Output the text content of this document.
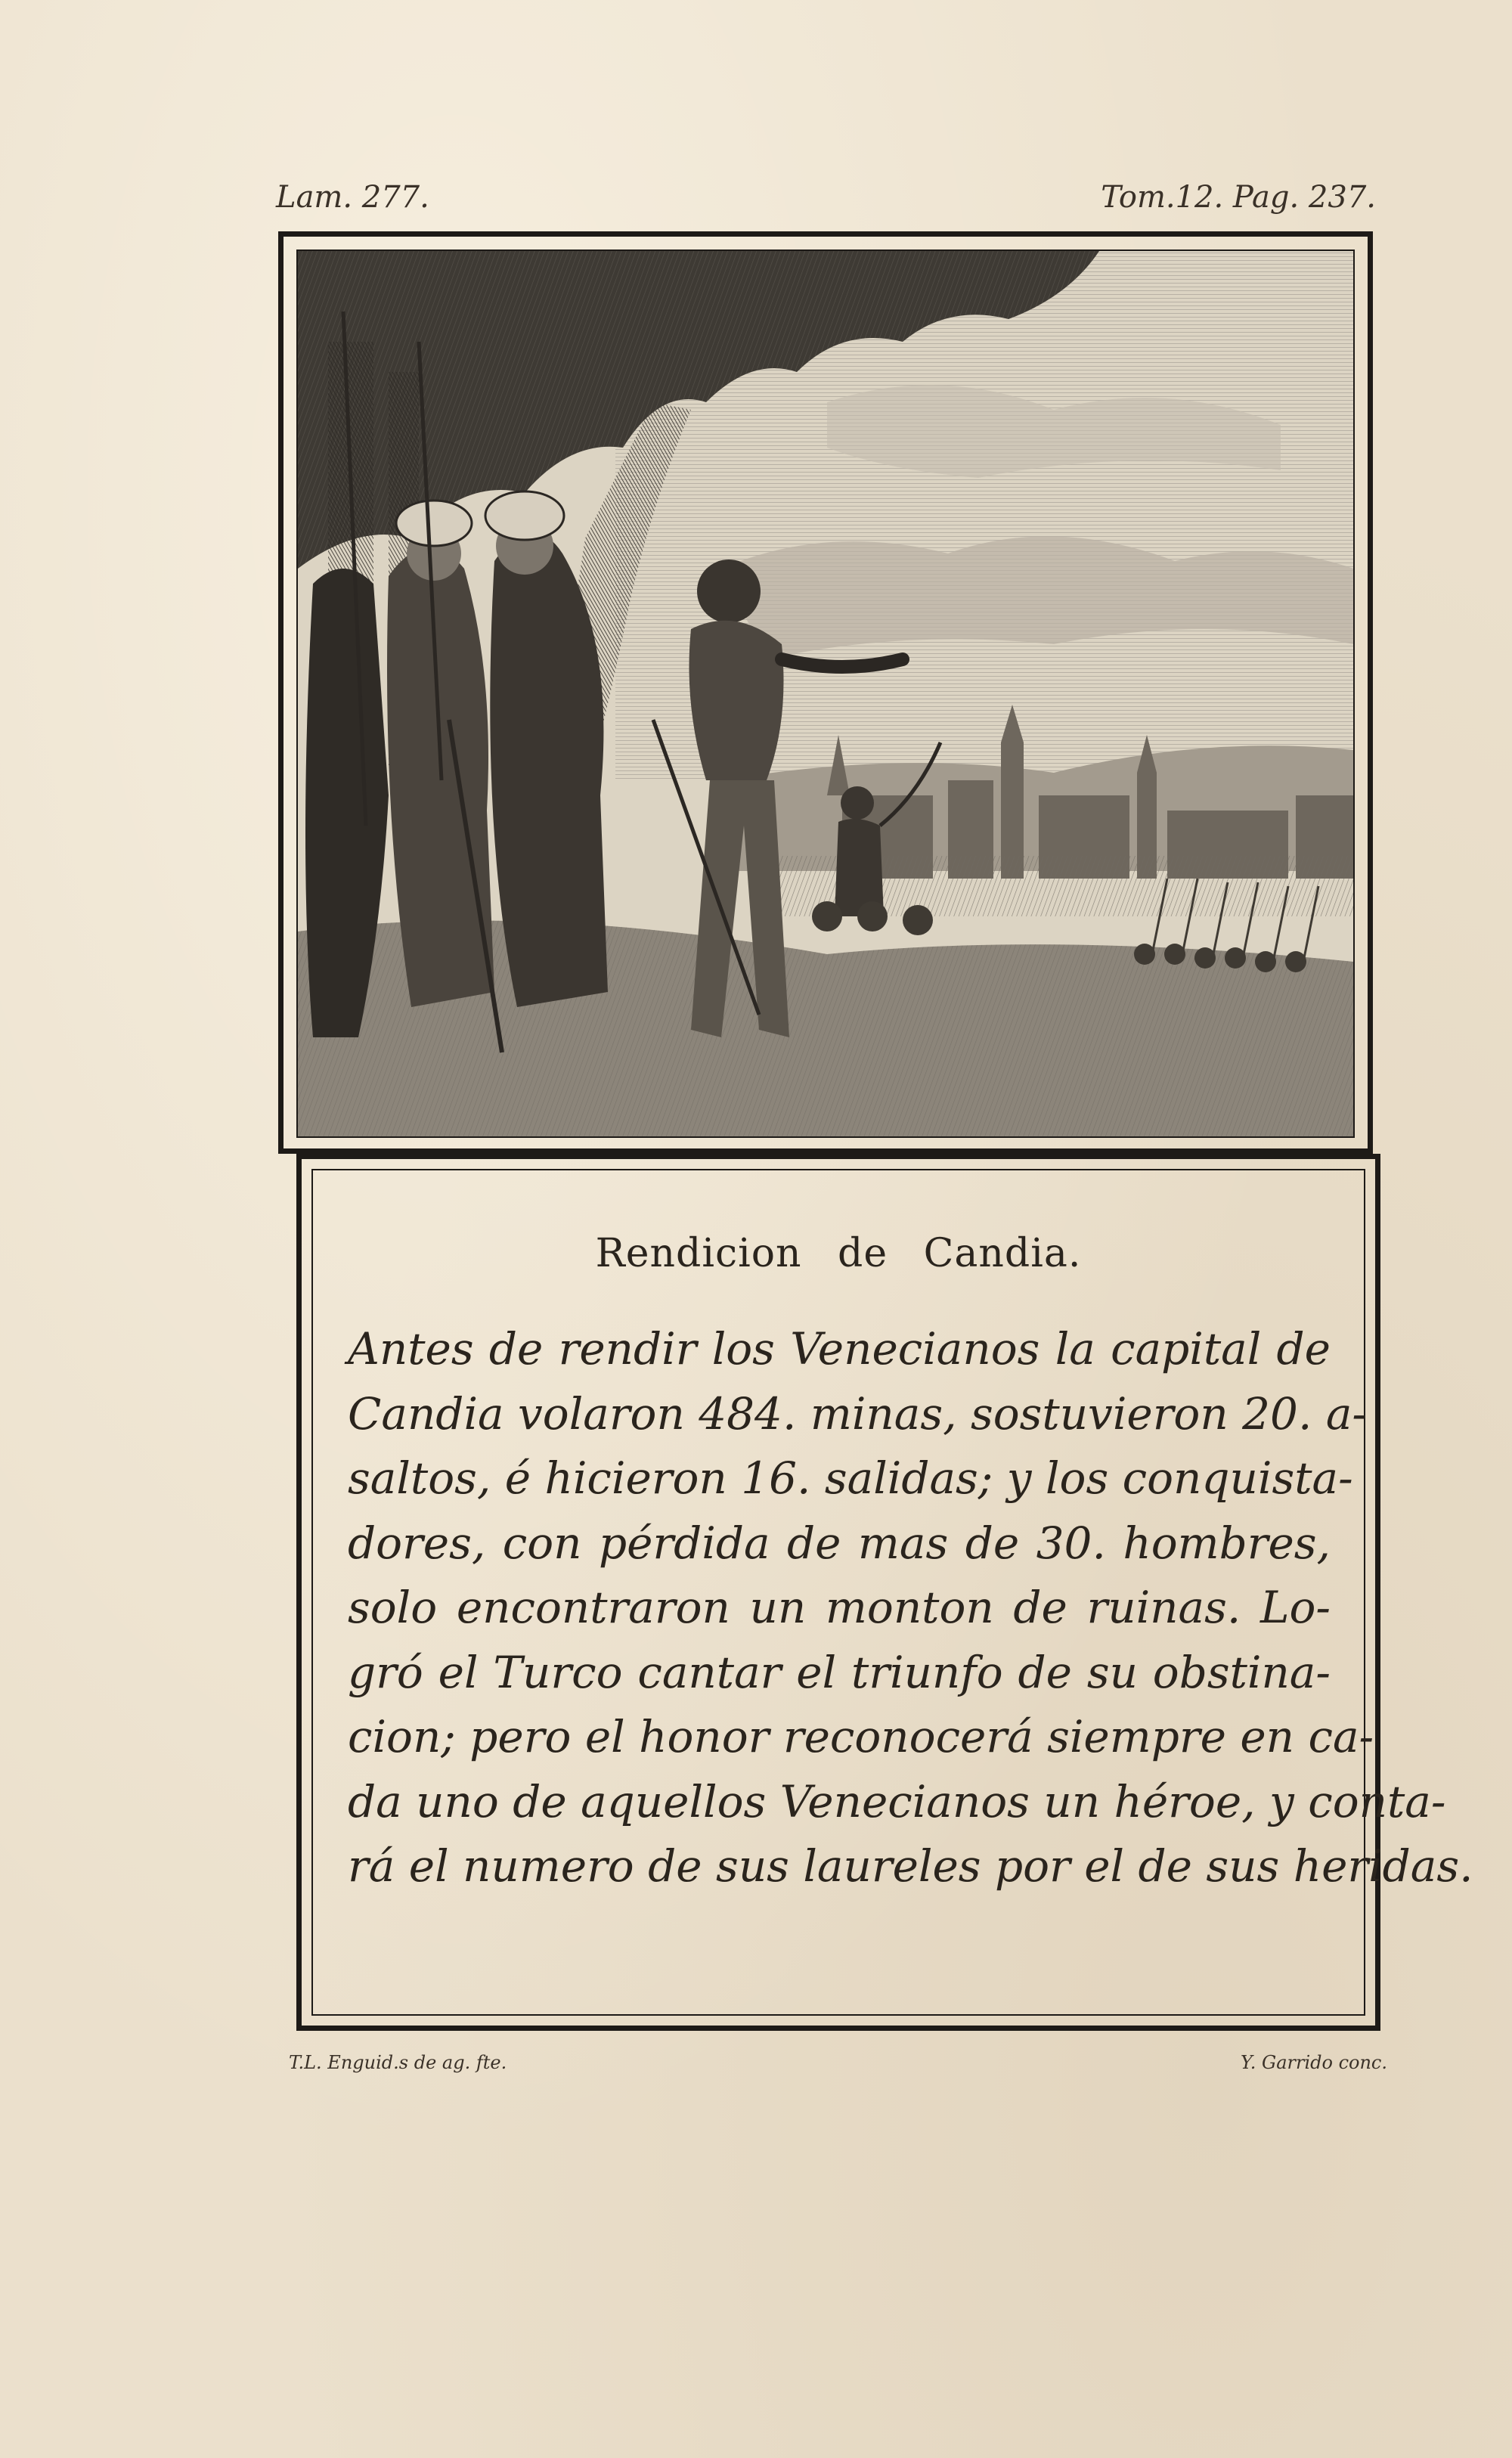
Lam. 277.	Tom.12. Pag. 237.
Rendicion de Candia.
Antes de rendir los Venecianos la capital de
Candia volaron 484. minas, sostuvieron 20. a-
saltos, é hicieron 16. salidas; y los conquista-
dores, con pérdida de mas de 30. hombres,
solo encontraron un monton de ruinas. Lo-
gró el Turco cantar el triunfo de su obstina-
cion; pero el honor reconocerá siempre en ca-
da uno de aquellos Venecianos un héroe, y conta-
rá el numero de sus laureles por el de sus heridas.
T.L. Enguid.s de ag. fte.	Y. Garrido conc.
